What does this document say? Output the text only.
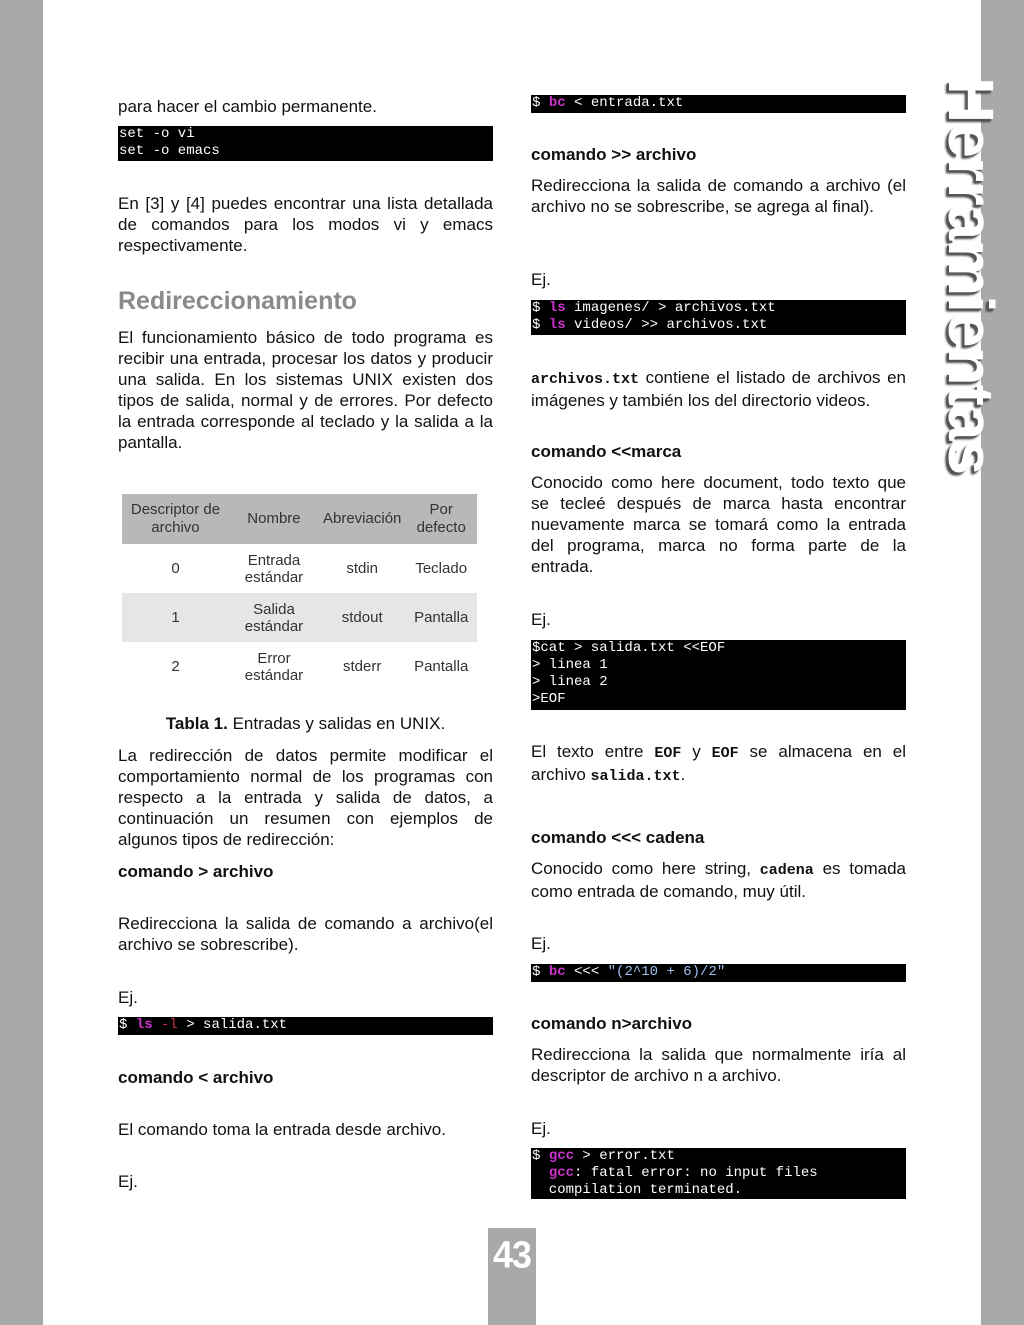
para hacer el cambio permanente.

set -o vi
set -o emacs

En [3] y [4] puedes encontrar una lista detallada de comandos para los modos vi y emacs respectivamente.

Redireccionamiento

El funcionamiento básico de todo programa es recibir una entrada, procesar los datos y producir una salida. En los sistemas UNIX existen dos tipos de salida, normal y de errores. Por defecto la entrada corresponde al teclado y la salida a la pantalla.

Descriptor de archivo	Nombre	Abreviación	Por defecto
0	Entrada estándar	stdin	Teclado
1	Salida estándar	stdout	Pantalla
2	Error estándar	stderr	Pantalla
Tabla 1. Entradas y salidas en UNIX.

La redirección de datos permite modificar el comportamiento normal de los programas con respecto a la entrada y salida de datos, a continuación un resumen con ejemplos de algunos tipos de redirección:

comando > archivo

Redirecciona la salida de comando a archivo(el archivo se sobrescribe).

Ej.

$ ls -l > salida.txt
comando < archivo

El comando toma la entrada desde archivo.

Ej.

$ bc < entrada.txt
comando >> archivo

Redirecciona la salida de comando a archivo (el archivo no se sobrescribe, se agrega al final).

Ej.

$ ls imagenes/ > archivos.txt
$ ls videos/ >> archivos.txt

archivos.txt contiene el listado de archivos en imágenes y también los del directorio videos.

comando <<marca

Conocido como here document, todo texto que se tecleé después de marca hasta encontrar nuevamente marca se tomará como la entrada del programa, marca no forma parte de la entrada.

Ej.

$cat > salida.txt <<EOF
> linea 1
> linea 2
>EOF

El texto entre EOF y EOF se almacena en el archivo salida.txt.

comando <<< cadena

Conocido como here string, cadena es tomada como entrada de comando, muy útil.

Ej.

$ bc <<< "(2^10 + 6)/2"
comando n>archivo

Redirecciona la salida que normalmente iría al descriptor de archivo n a archivo.

Ej.

$ gcc > error.txt
gcc: fatal error: no input files
compilation terminated.
Herramientas
43
